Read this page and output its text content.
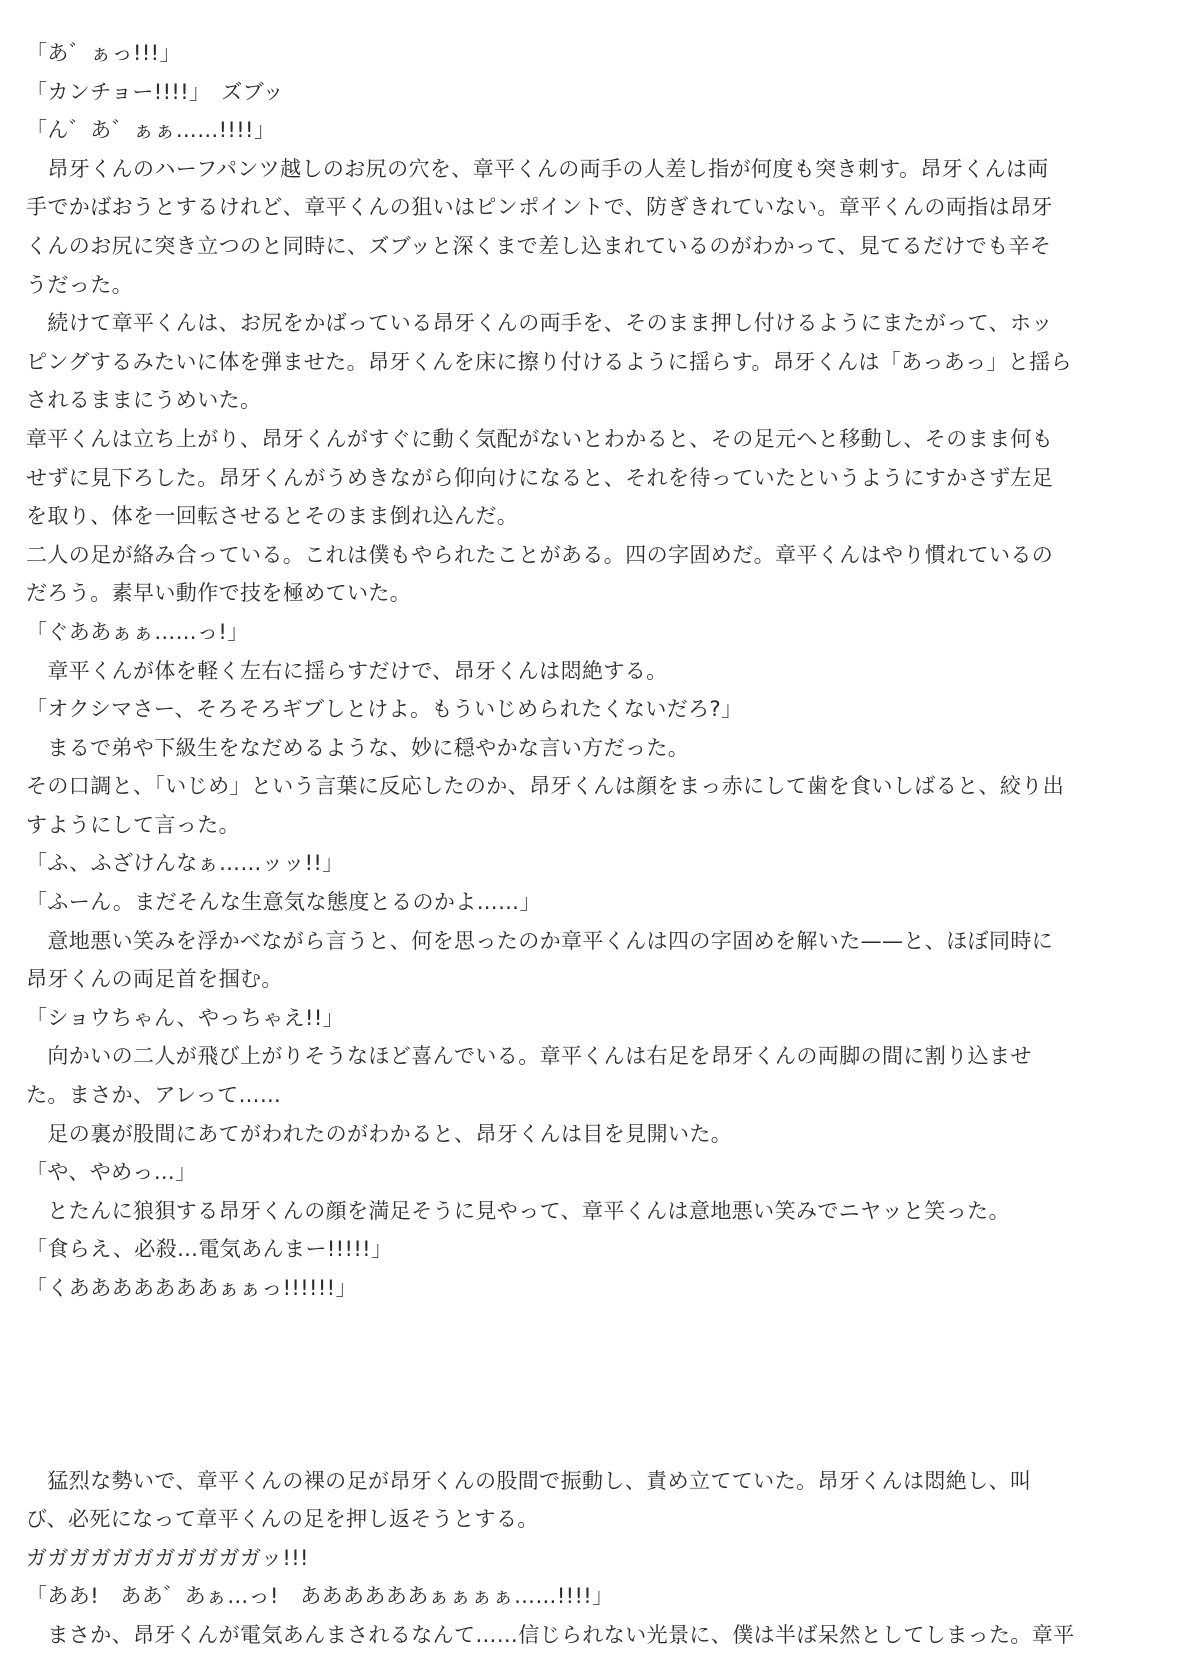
「あ゛ぁっ!!!」
「カンチョー!!!!」　ズブッ
「ん゛あ゛ぁぁ……!!!!」
　昂牙くんのハーフパンツ越しのお尻の穴を、章平くんの両手の人差し指が何度も突き刺す。昂牙くんは両
手でかばおうとするけれど、章平くんの狙いはピンポイントで、防ぎきれていない。章平くんの両指は昂牙
くんのお尻に突き立つのと同時に、ズブッと深くまで差し込まれているのがわかって、見てるだけでも辛そ
うだった。
　続けて章平くんは、お尻をかばっている昂牙くんの両手を、そのまま押し付けるようにまたがって、ホッ
ピングするみたいに体を弾ませた。昂牙くんを床に擦り付けるように揺らす。昂牙くんは「あっあっ」と揺ら
されるままにうめいた。
章平くんは立ち上がり、昂牙くんがすぐに動く気配がないとわかると、その足元へと移動し、そのまま何も
せずに見下ろした。昂牙くんがうめきながら仰向けになると、それを待っていたというようにすかさず左足
を取り、体を一回転させるとそのまま倒れ込んだ。
二人の足が絡み合っている。これは僕もやられたことがある。四の字固めだ。章平くんはやり慣れているの
だろう。素早い動作で技を極めていた。
「ぐああぁぁ……っ!」
　章平くんが体を軽く左右に揺らすだけで、昂牙くんは悶絶する。
「オクシマさー、そろそろギブしとけよ。もういじめられたくないだろ?」
　まるで弟や下級生をなだめるような、妙に穏やかな言い方だった。
その口調と、「いじめ」という言葉に反応したのか、昂牙くんは顔をまっ赤にして歯を食いしばると、絞り出
すようにして言った。
「ふ、ふざけんなぁ……ッッ!!」
「ふーん。まだそんな生意気な態度とるのかよ……」
　意地悪い笑みを浮かべながら言うと、何を思ったのか章平くんは四の字固めを解いた——と、ほぼ同時に
昂牙くんの両足首を掴む。
「ショウちゃん、やっちゃえ!!」
　向かいの二人が飛び上がりそうなほど喜んでいる。章平くんは右足を昂牙くんの両脚の間に割り込ませ
た。まさか、アレって……
　足の裏が股間にあてがわれたのがわかると、昂牙くんは目を見開いた。
「や、やめっ…」
　とたんに狼狽する昂牙くんの顔を満足そうに見やって、章平くんは意地悪い笑みでニヤッと笑った。
「食らえ、必殺…電気あんまー!!!!!」
「くあああああああぁぁっ!!!!!!」
　猛烈な勢いで、章平くんの裸の足が昂牙くんの股間で振動し、責め立てていた。昂牙くんは悶絶し、叫
び、必死になって章平くんの足を押し返そうとする。
ガガガガガガガガガガガッ!!!
「ああ!　ああ゛あぁ…っ!　ああああああぁぁぁぁ……!!!!」
　まさか、昂牙くんが電気あんまされるなんて……信じられない光景に、僕は半ば呆然としてしまった。章平
